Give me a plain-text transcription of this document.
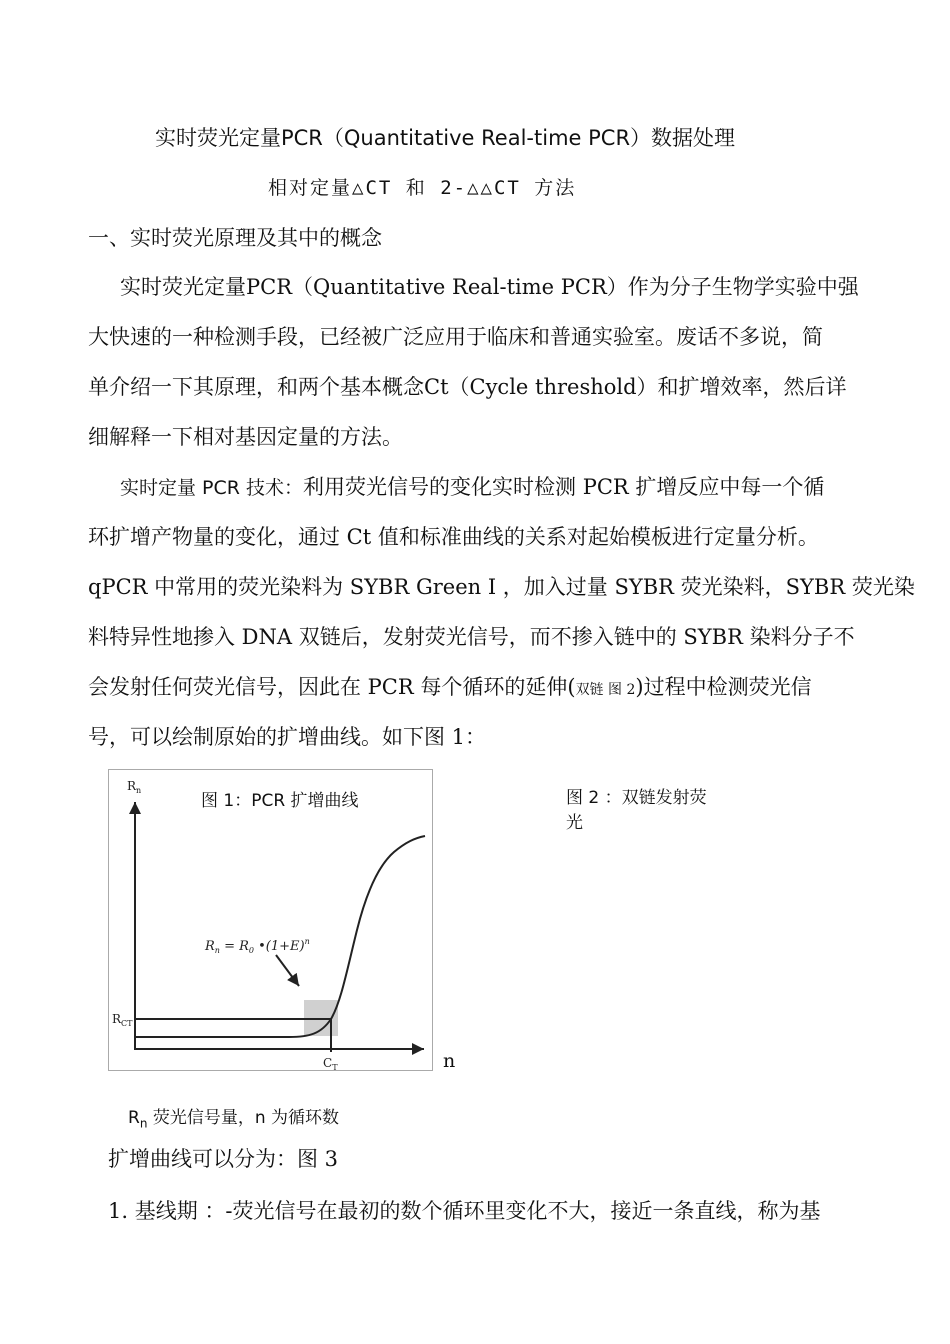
实时荧光定量PCR（Quantitative Real-time PCR）数据处理
相对定量△CT 和 2-△△CT 方法
一、实时荧光原理及其中的概念
实时荧光定量PCR（Quantitative Real-time PCR）作为分子生物学实验中强
大快速的一种检测手段，已经被广泛应用于临床和普通实验室。废话不多说，简
单介绍一下其原理，和两个基本概念Ct（Cycle threshold）和扩增效率，然后详
细解释一下相对基因定量的方法。
实时定量 PCR 技术：利用荧光信号的变化实时检测 PCR 扩增反应中每一个循
环扩增产物量的变化，通过 Ct 值和标准曲线的关系对起始模板进行定量分析。
qPCR 中常用的荧光染料为 SYBR Green I ，加入过量 SYBR 荧光染料，SYBR 荧光染
料特异性地掺入 DNA 双链后，发射荧光信号，而不掺入链中的 SYBR 染料分子不
会发射任何荧光信号，因此在 PCR 每个循环的延伸(双链 图 2)过程中检测荧光信
号，可以绘制原始的扩增曲线。如下图 1：
图 1：PCR 扩增曲线
$R_n$
$R_{CT}$
$C_T$
$R_n = R_0$ $•(1+E)^n$
n
图 2 ：双链发射荧
光
$R_n$ 荧光信号量，n 为循环数
扩增曲线可以分为：图 3
1. 基线期 ：-荧光信号在最初的数个循环里变化不大，接近一条直线，称为基
